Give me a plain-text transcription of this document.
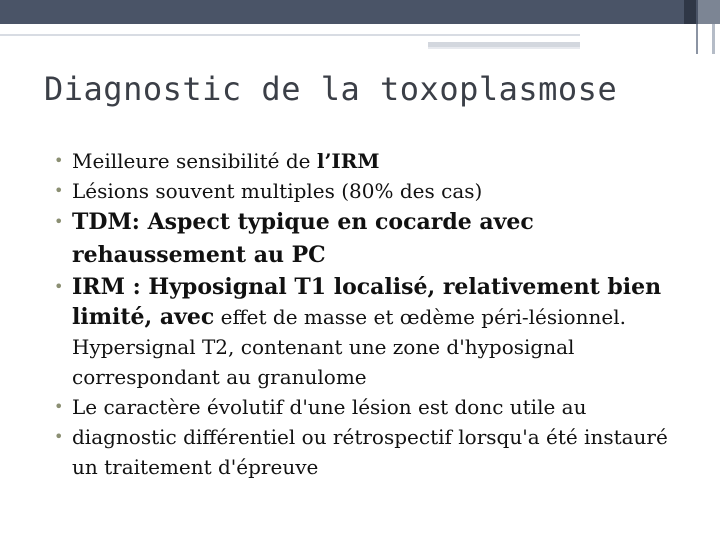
Diagnostic de la toxoplasmose
• Meilleure sensibilité de l’IRM
• Lésions souvent multiples (80% des cas)
• TDM: Aspect typique en cocarde avec rehaussement au PC
• IRM : Hyposignal T1 localisé, relativement bien limité, avec effet de masse et œdème péri-lésionnel. Hypersignal T2, contenant une zone d'hyposignal correspondant au granulome
• Le caractère évolutif d'une lésion est donc utile au
• diagnostic différentiel ou rétrospectif lorsqu'a été instauré un traitement d'épreuve
